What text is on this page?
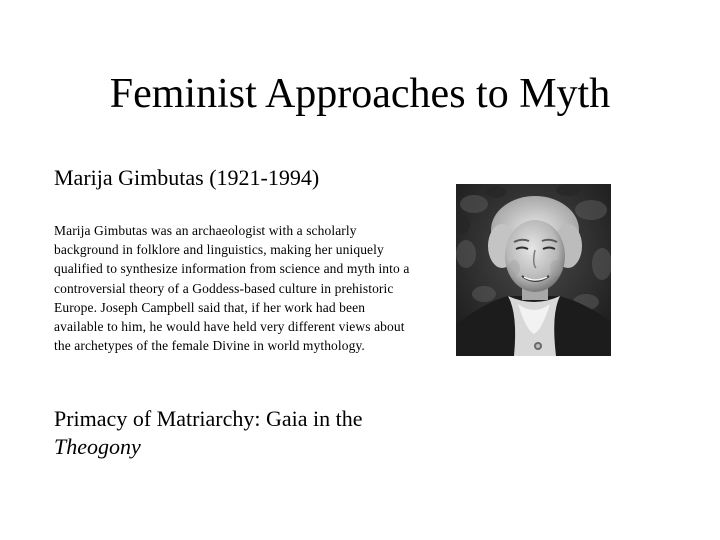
Feminist Approaches to Myth

Marija Gimbutas (1921-1994)

Marija Gimbutas was an archaeologist with a scholarly background in folklore and linguistics, making her uniquely qualified to synthesize information from science and myth into a controversial theory of a Goddess-based culture in prehistoric Europe. Joseph Campbell said that, if her work had been available to him, he would have held very different views about the archetypes of the female Divine in world mythology.

Primacy of Matriarchy: Gaia in the
Theogony
